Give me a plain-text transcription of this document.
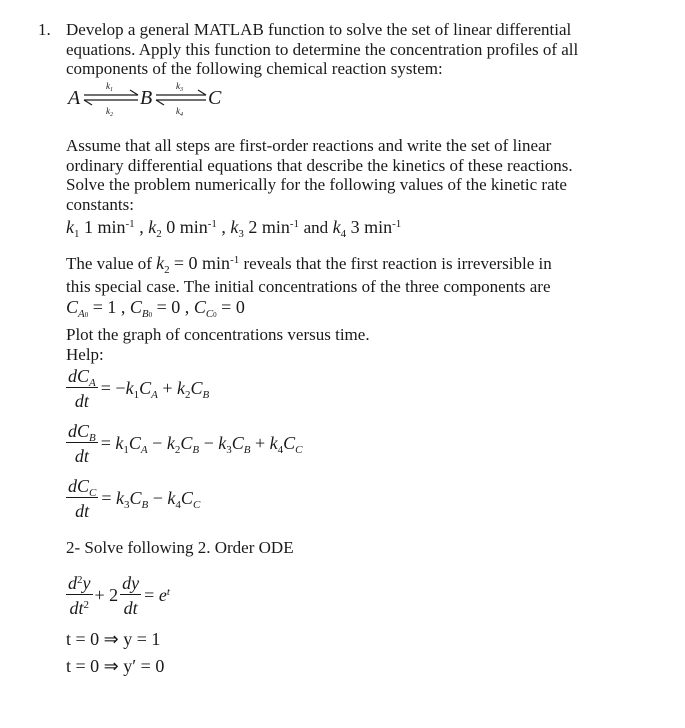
1. Develop a general MATLAB function to solve the set of linear differential
equations. Apply this function to determine the concentration profiles of all
components of the following chemical reaction system:
A	B	C
$k_1$
$k_2$
$k_3$
$k_4$
Assume that all steps are first-order reactions and write the set of linear
ordinary differential equations that describe the kinetics of these reactions.
Solve the problem numerically for the following values of the kinetic rate
constants:
$k_1$ 1 $\min^{-1}$ , $k_2$ 0 $\min^{-1}$ , $k_3$ 2 $\min^{-1}$ and $k_4$ 3 $\min^{-1}$
The value of $k_2 = 0$ $\min^{-1}$ reveals that the first reaction is irreversible in
this special case. The initial concentrations of the three components are
$C_{A0} = 1$ , $C_{B0} = 0$ , $C_{C0} = 0$
Plot the graph of concentrations versus time.
Help:
$\frac{dC_A}{dt} = -k_1C_A + k_2C_B$
$\frac{dC_B}{dt} = k_1C_A - k_2C_B - k_3C_B + k_4C_C$
$\frac{dC_C}{dt} = k_3C_B - k_4C_C$
2- Solve following 2. Order ODE
$\frac{d^2y}{dt^2} + 2 \frac{dy}{dt} = e^t$
t = 0 ⇒ y = 1
t = 0 ⇒ y′ = 0
